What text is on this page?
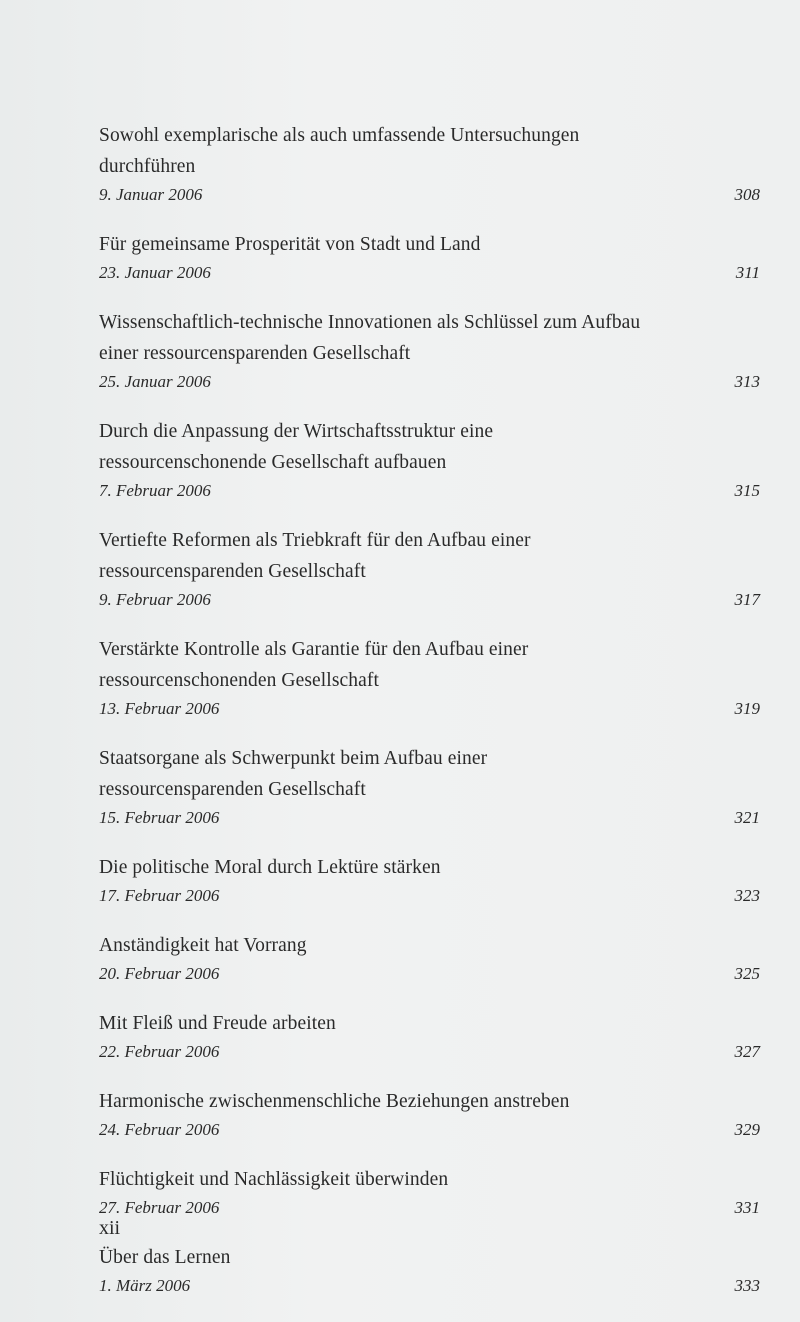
Sowohl exemplarische als auch umfassende Untersuchungen durchführen
9. Januar 2006	308
Für gemeinsame Prosperität von Stadt und Land
23. Januar 2006	311
Wissenschaftlich-technische Innovationen als Schlüssel zum Aufbau einer ressourcensparenden Gesellschaft
25. Januar 2006	313
Durch die Anpassung der Wirtschaftsstruktur eine ressourcenschonende Gesellschaft aufbauen
7. Februar 2006	315
Vertiefte Reformen als Triebkraft für den Aufbau einer ressourcensparenden Gesellschaft
9. Februar 2006	317
Verstärkte Kontrolle als Garantie für den Aufbau einer ressourcenschonenden Gesellschaft
13. Februar 2006	319
Staatsorgane als Schwerpunkt beim Aufbau einer ressourcensparenden Gesellschaft
15. Februar 2006	321
Die politische Moral durch Lektüre stärken
17. Februar 2006	323
Anständigkeit hat Vorrang
20. Februar 2006	325
Mit Fleiß und Freude arbeiten
22. Februar 2006	327
Harmonische zwischenmenschliche Beziehungen anstreben
24. Februar 2006	329
Flüchtigkeit und Nachlässigkeit überwinden
27. Februar 2006	331
Über das Lernen
1. März 2006	333
xii
